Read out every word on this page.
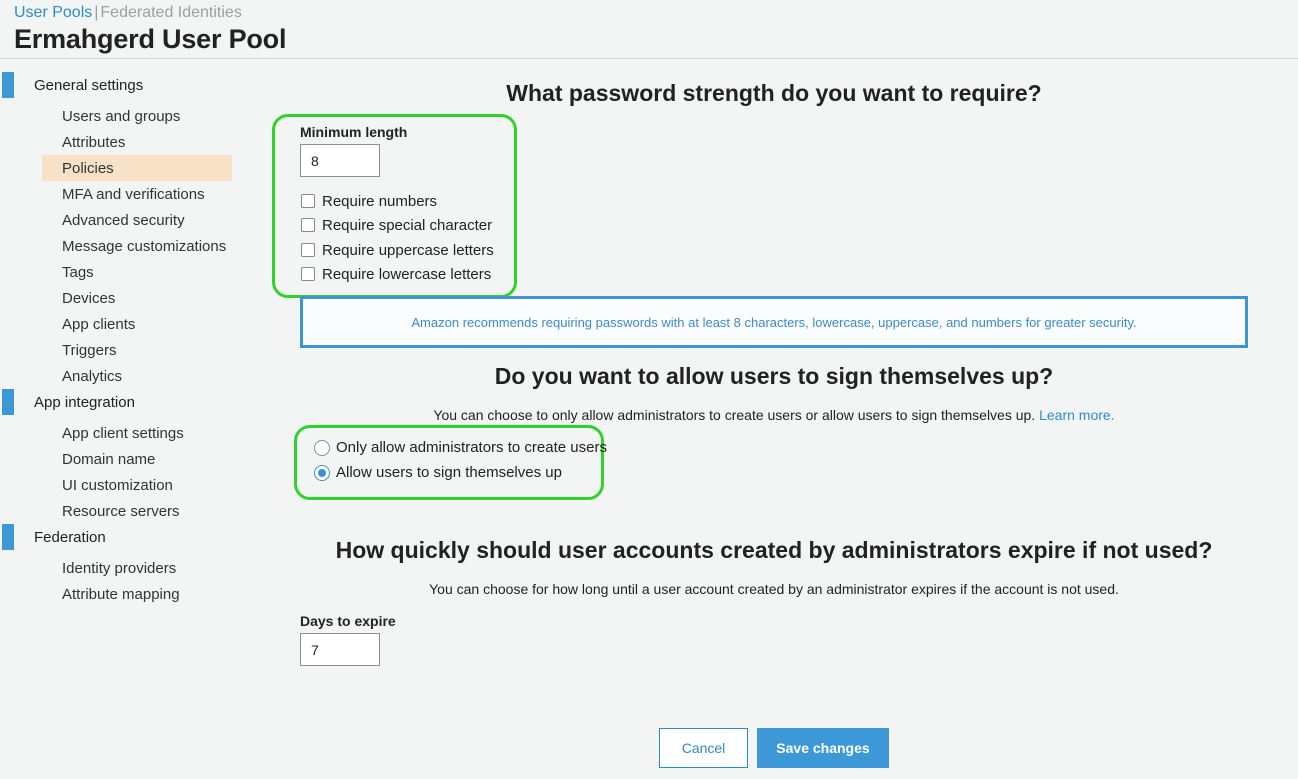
User Pools | Federated Identities
Ermahgerd User Pool
General settings
Users and groups
Attributes
Policies
MFA and verifications
Advanced security
Message customizations
Tags
Devices
App clients
Triggers
Analytics
App integration
App client settings
Domain name
UI customization
Resource servers
Federation
Identity providers
Attribute mapping
What password strength do you want to require?
Minimum length
8
Require numbers
Require special character
Require uppercase letters
Require lowercase letters
Amazon recommends requiring passwords with at least 8 characters, lowercase, uppercase, and numbers for greater security.
Do you want to allow users to sign themselves up?
You can choose to only allow administrators to create users or allow users to sign themselves up. Learn more.
Only allow administrators to create users
Allow users to sign themselves up
How quickly should user accounts created by administrators expire if not used?
You can choose for how long until a user account created by an administrator expires if the account is not used.
Days to expire
7
Cancel	Save changes
